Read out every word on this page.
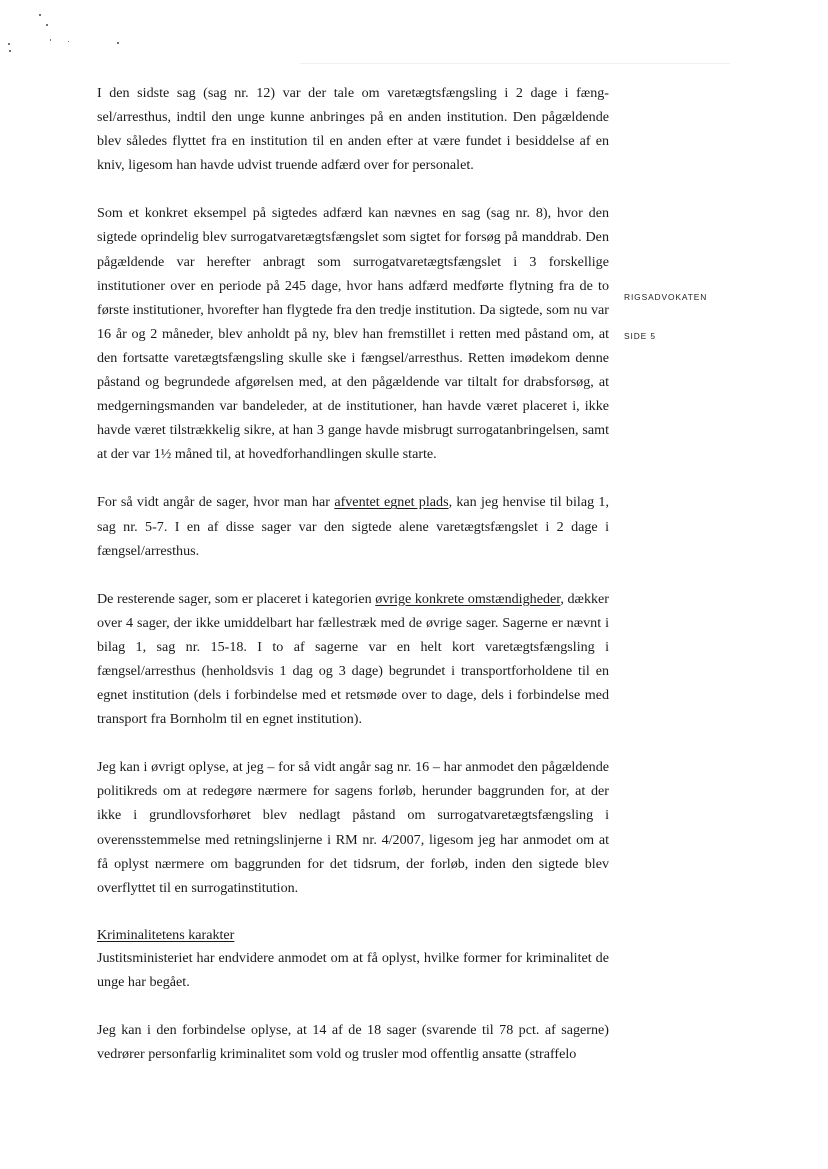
RIGSADVOKATEN
SIDE 5

I den sidste sag (sag nr. 12) var der tale om varetægtsfængsling i 2 dage i fængsel/arresthus, indtil den unge kunne anbringes på en anden institution. Den pågældende blev således flyttet fra en institution til en anden efter at være fundet i besiddelse af en kniv, ligesom han havde udvist truende adfærd over for personalet.

Som et konkret eksempel på sigtedes adfærd kan nævnes en sag (sag nr. 8), hvor den sigtede oprindelig blev surrogatvaretægtsfængslet som sigtet for forsøg på manddrab. Den pågældende var herefter anbragt som surrogatvaretægtsfængslet i 3 forskellige institutioner over en periode på 245 dage, hvor hans adfærd medførte flytning fra de to første institutioner, hvorefter han flygtede fra den tredje institution. Da sigtede, som nu var 16 år og 2 måneder, blev anholdt på ny, blev han fremstillet i retten med påstand om, at den fortsatte varetægtsfængsling skulle ske i fængsel/arresthus. Retten imødekom denne påstand og begrundede afgørelsen med, at den pågældende var tiltalt for drabsforsøg, at medgerningsmanden var bandeleder, at de institutioner, han havde været placeret i, ikke havde været tilstrækkelig sikre, at han 3 gange havde misbrugt surrogatanbringelsen, samt at der var 1½ måned til, at hovedforhandlingen skulle starte.

For så vidt angår de sager, hvor man har afventet egnet plads, kan jeg henvise til bilag 1, sag nr. 5-7. I en af disse sager var den sigtede alene varetægtsfængslet i 2 dage i fængsel/arresthus.

De resterende sager, som er placeret i kategorien øvrige konkrete omstændigheder, dækker over 4 sager, der ikke umiddelbart har fællestræk med de øvrige sager. Sagerne er nævnt i bilag 1, sag nr. 15-18. I to af sagerne var en helt kort varetægtsfængsling i fængsel/arresthus (henholdsvis 1 dag og 3 dage) begrundet i transportforholdene til en egnet institution (dels i forbindelse med et retsmøde over to dage, dels i forbindelse med transport fra Bornholm til en egnet institution).

Jeg kan i øvrigt oplyse, at jeg – for så vidt angår sag nr. 16 – har anmodet den pågældende politikreds om at redegøre nærmere for sagens forløb, herunder baggrunden for, at der ikke i grundlovsforhøret blev nedlagt påstand om surrogatvaretægtsfængsling i overensstemmelse med retningslinjerne i RM nr. 4/2007, ligesom jeg har anmodet om at få oplyst nærmere om baggrunden for det tidsrum, der forløb, inden den sigtede blev overflyttet til en surrogatinstitution.

Kriminalitetens karakter

Justitsministeriet har endvidere anmodet om at få oplyst, hvilke former for kriminalitet de unge har begået.

Jeg kan i den forbindelse oplyse, at 14 af de 18 sager (svarende til 78 pct. af sagerne) vedrører personfarlig kriminalitet som vold og trusler mod offentlig ansatte (straffelo
